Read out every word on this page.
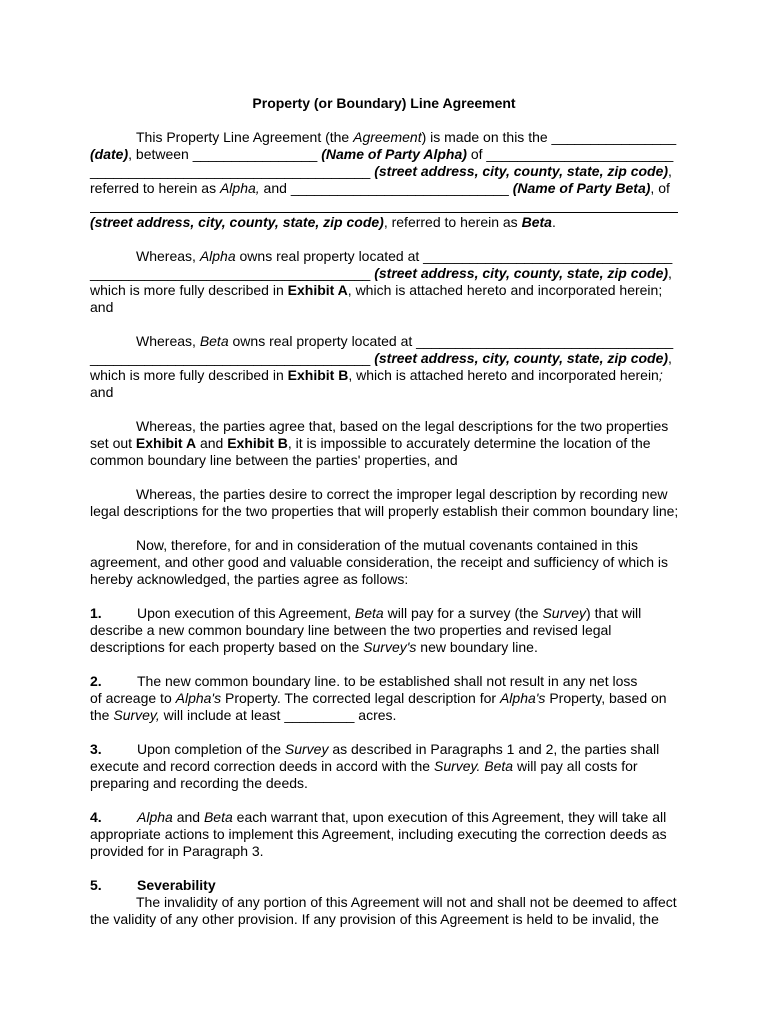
Property (or Boundary) Line Agreement
This Property Line Agreement (the Agreement) is made on this the ________________
(date), between ________________ (Name of Party Alpha) of ________________________
____________________________________ (street address, city, county, state, zip code),
referred to herein as Alpha, and ____________________________ (Name of Party Beta), of
(street address, city, county, state, zip code), referred to herein as Beta.
Whereas, Alpha owns real property located at ________________________________
____________________________________ (street address, city, county, state, zip code),
which is more fully described in Exhibit A, which is attached hereto and incorporated herein;
and
Whereas, Beta owns real property located at _________________________________
____________________________________ (street address, city, county, state, zip code),
which is more fully described in Exhibit B, which is attached hereto and incorporated herein;
and
Whereas, the parties agree that, based on the legal descriptions for the two properties
set out Exhibit A and Exhibit B, it is impossible to accurately determine the location of the
common boundary line between the parties' properties, and
Whereas, the parties desire to correct the improper legal description by recording new
legal descriptions for the two properties that will properly establish their common boundary line;
Now, therefore, for and in consideration of the mutual covenants contained in this
agreement, and other good and valuable consideration, the receipt and sufficiency of which is
hereby acknowledged, the parties agree as follows:
1.	Upon execution of this Agreement, Beta will pay for a survey (the Survey) that will
describe a new common boundary line between the two properties and revised legal
descriptions for each property based on the Survey's new boundary line.
2.	The new common boundary line. to be established shall not result in any net loss
of acreage to Alpha's Property. The corrected legal description for Alpha's Property, based on
the Survey, will include at least _________ acres.
3.	Upon completion of the Survey as described in Paragraphs 1 and 2, the parties shall
execute and record correction deeds in accord with the Survey. Beta will pay all costs for
preparing and recording the deeds.
4.	Alpha and Beta each warrant that, upon execution of this Agreement, they will take all
appropriate actions to implement this Agreement, including executing the correction deeds as
provided for in Paragraph 3.
5.	Severability
The invalidity of any portion of this Agreement will not and shall not be deemed to affect
the validity of any other provision. If any provision of this Agreement is held to be invalid, the
